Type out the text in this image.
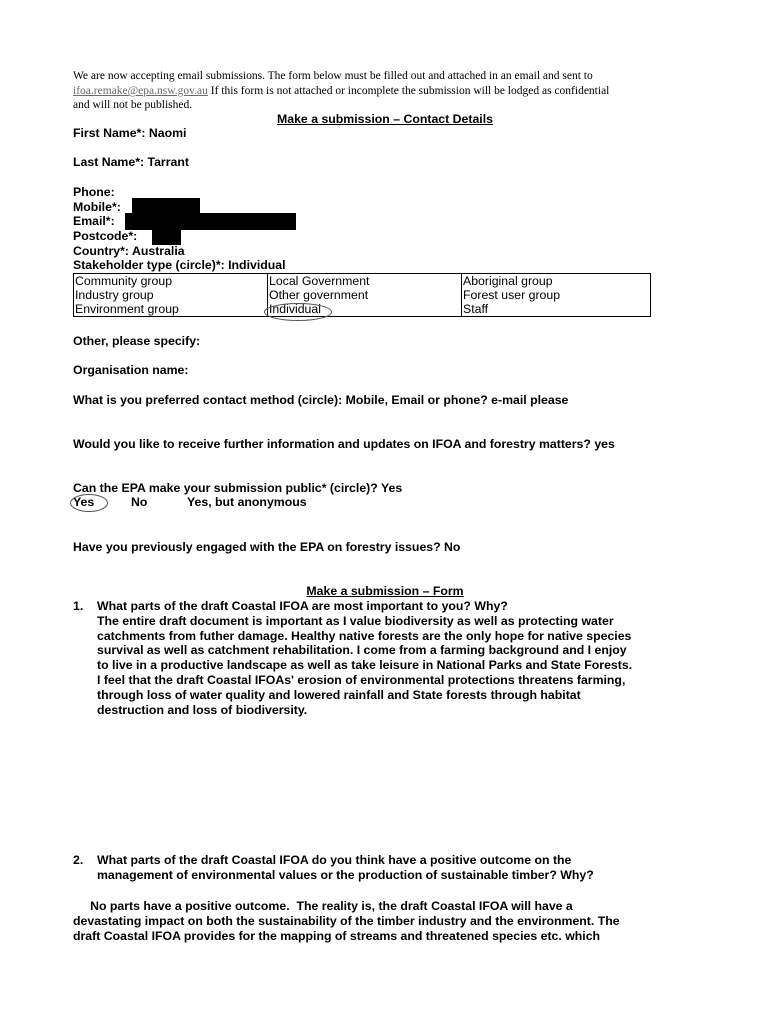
We are now accepting email submissions. The form below must be filled out and attached in an email and sent to
ifoa.remake@epa.nsw.gov.au If this form is not attached or incomplete the submission will be lodged as confidential
and will not be published.
Make a submission – Contact Details
First Name*: Naomi
Last Name*: Tarrant
Phone:
Mobile*:
Email*:
Postcode*:
Country*: Australia
Stakeholder type (circle)*: Individual
Community group	Local Government	Aboriginal group
Industry group	Other government	Forest user group
Environment group	Individual	Staff
Other, please specify:
Organisation name:
What is you preferred contact method (circle): Mobile, Email or phone? e-mail please
Would you like to receive further information and updates on IFOA and forestry matters? yes
Can the EPA make your submission public* (circle)? Yes
Yes	No	Yes, but anonymous
Have you previously engaged with the EPA on forestry issues? No
Make a submission – Form
1. What parts of the draft Coastal IFOA are most important to you? Why?
The entire draft document is important as I value biodiversity as well as protecting water
catchments from futher damage. Healthy native forests are the only hope for native species
survival as well as catchment rehabilitation. I come from a farming background and I enjoy
to live in a productive landscape as well as take leisure in National Parks and State Forests.
I feel that the draft Coastal IFOAs' erosion of environmental protections threatens farming,
through loss of water quality and lowered rainfall and State forests through habitat
destruction and loss of biodiversity.
2. What parts of the draft Coastal IFOA do you think have a positive outcome on the
management of environmental values or the production of sustainable timber? Why?
No parts have a positive outcome.  The reality is, the draft Coastal IFOA will have a
devastating impact on both the sustainability of the timber industry and the environment. The
draft Coastal IFOA provides for the mapping of streams and threatened species etc. which
